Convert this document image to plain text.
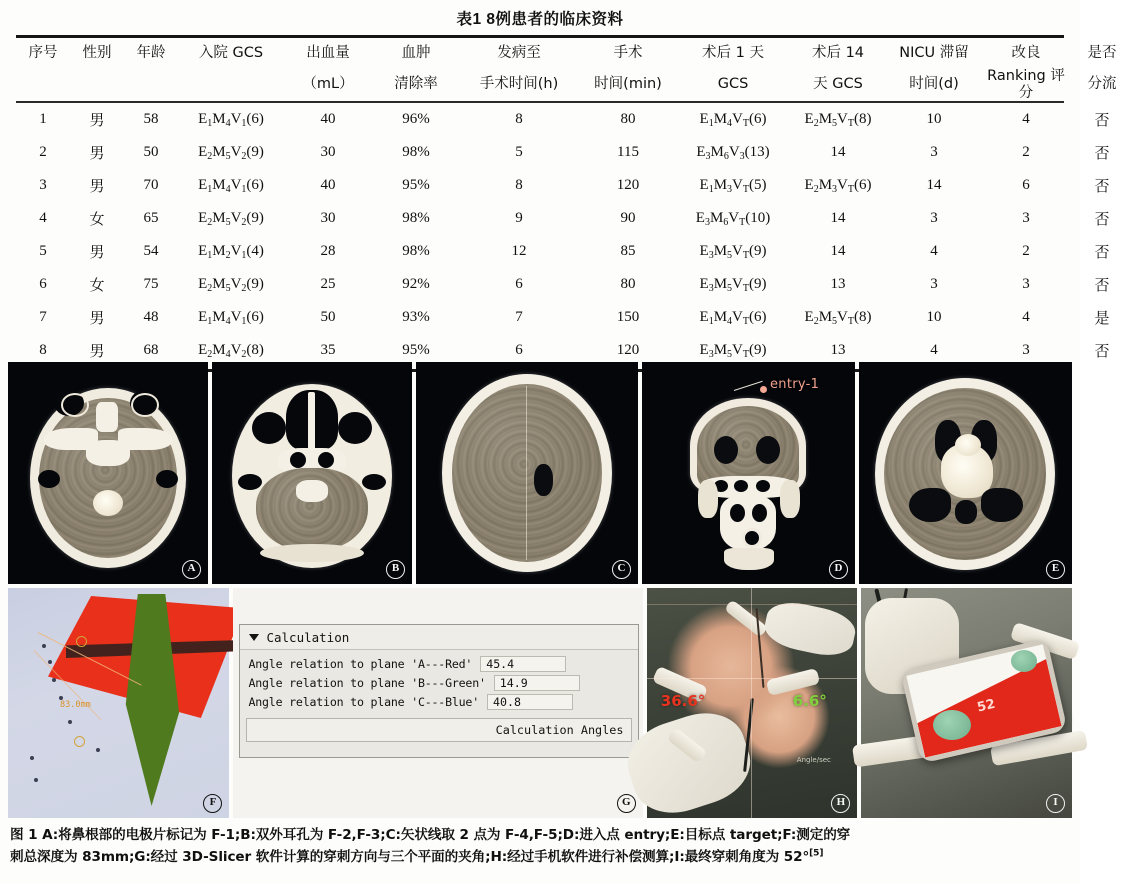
表1 8例患者的临床资料
序号	性别	年龄	入院 GCS	出血量	血肿	发病至	手术	术后 1 天	术后 14	NICU 滞留	改良	是否
				（mL）	清除率	手术时间(h)	时间(min)	GCS	天 GCS	时间(d)	Ranking 评分	分流
1	男	58	$E_1M_4V_1(6)$	40	96%	8	80	$E_1M_4V_T(6)$	$E_2M_5V_T(8)$	10	4	否
2	男	50	$E_2M_5V_2(9)$	30	98%	5	115	$E_3M_6V_3(13)$	14	3	2	否
3	男	70	$E_1M_4V_1(6)$	40	95%	8	120	$E_1M_3V_T(5)$	$E_2M_3V_T(6)$	14	6	否
4	女	65	$E_2M_5V_2(9)$	30	98%	9	90	$E_3M_6V_T(10)$	14	3	3	否
5	男	54	$E_1M_2V_1(4)$	28	98%	12	85	$E_3M_5V_T(9)$	14	4	2	否
6	女	75	$E_2M_5V_2(9)$	25	92%	6	80	$E_3M_5V_T(9)$	13	3	3	否
7	男	48	$E_1M_4V_1(6)$	50	93%	7	150	$E_1M_4V_T(6)$	$E_2M_5V_T(8)$	10	4	是
8	男	68	$E_2M_4V_2(8)$	35	95%	6	120	$E_3M_5V_T(9)$	13	4	3	否
A	B	C
entry-1
D	E
83.0mm
F
Calculation
Angle relation to plane 'A---Red'	45.4
Angle relation to plane 'B---Green'	14.9
Angle relation to plane 'C---Blue'	40.8
Calculation Angles
G
36.6°	6.6°
Angle/sec
H
52
I
图 1 A:将鼻根部的电极片标记为 F-1;B:双外耳孔为 F-2,F-3;C:矢状线取 2 点为 F-4,F-5;D:进入点 entry;E:目标点 target;F:测定的穿
刺总深度为 83mm;G:经过 3D-Slicer 软件计算的穿刺方向与三个平面的夹角;H:经过手机软件进行补偿测算;I:最终穿刺角度为 52°[5]
